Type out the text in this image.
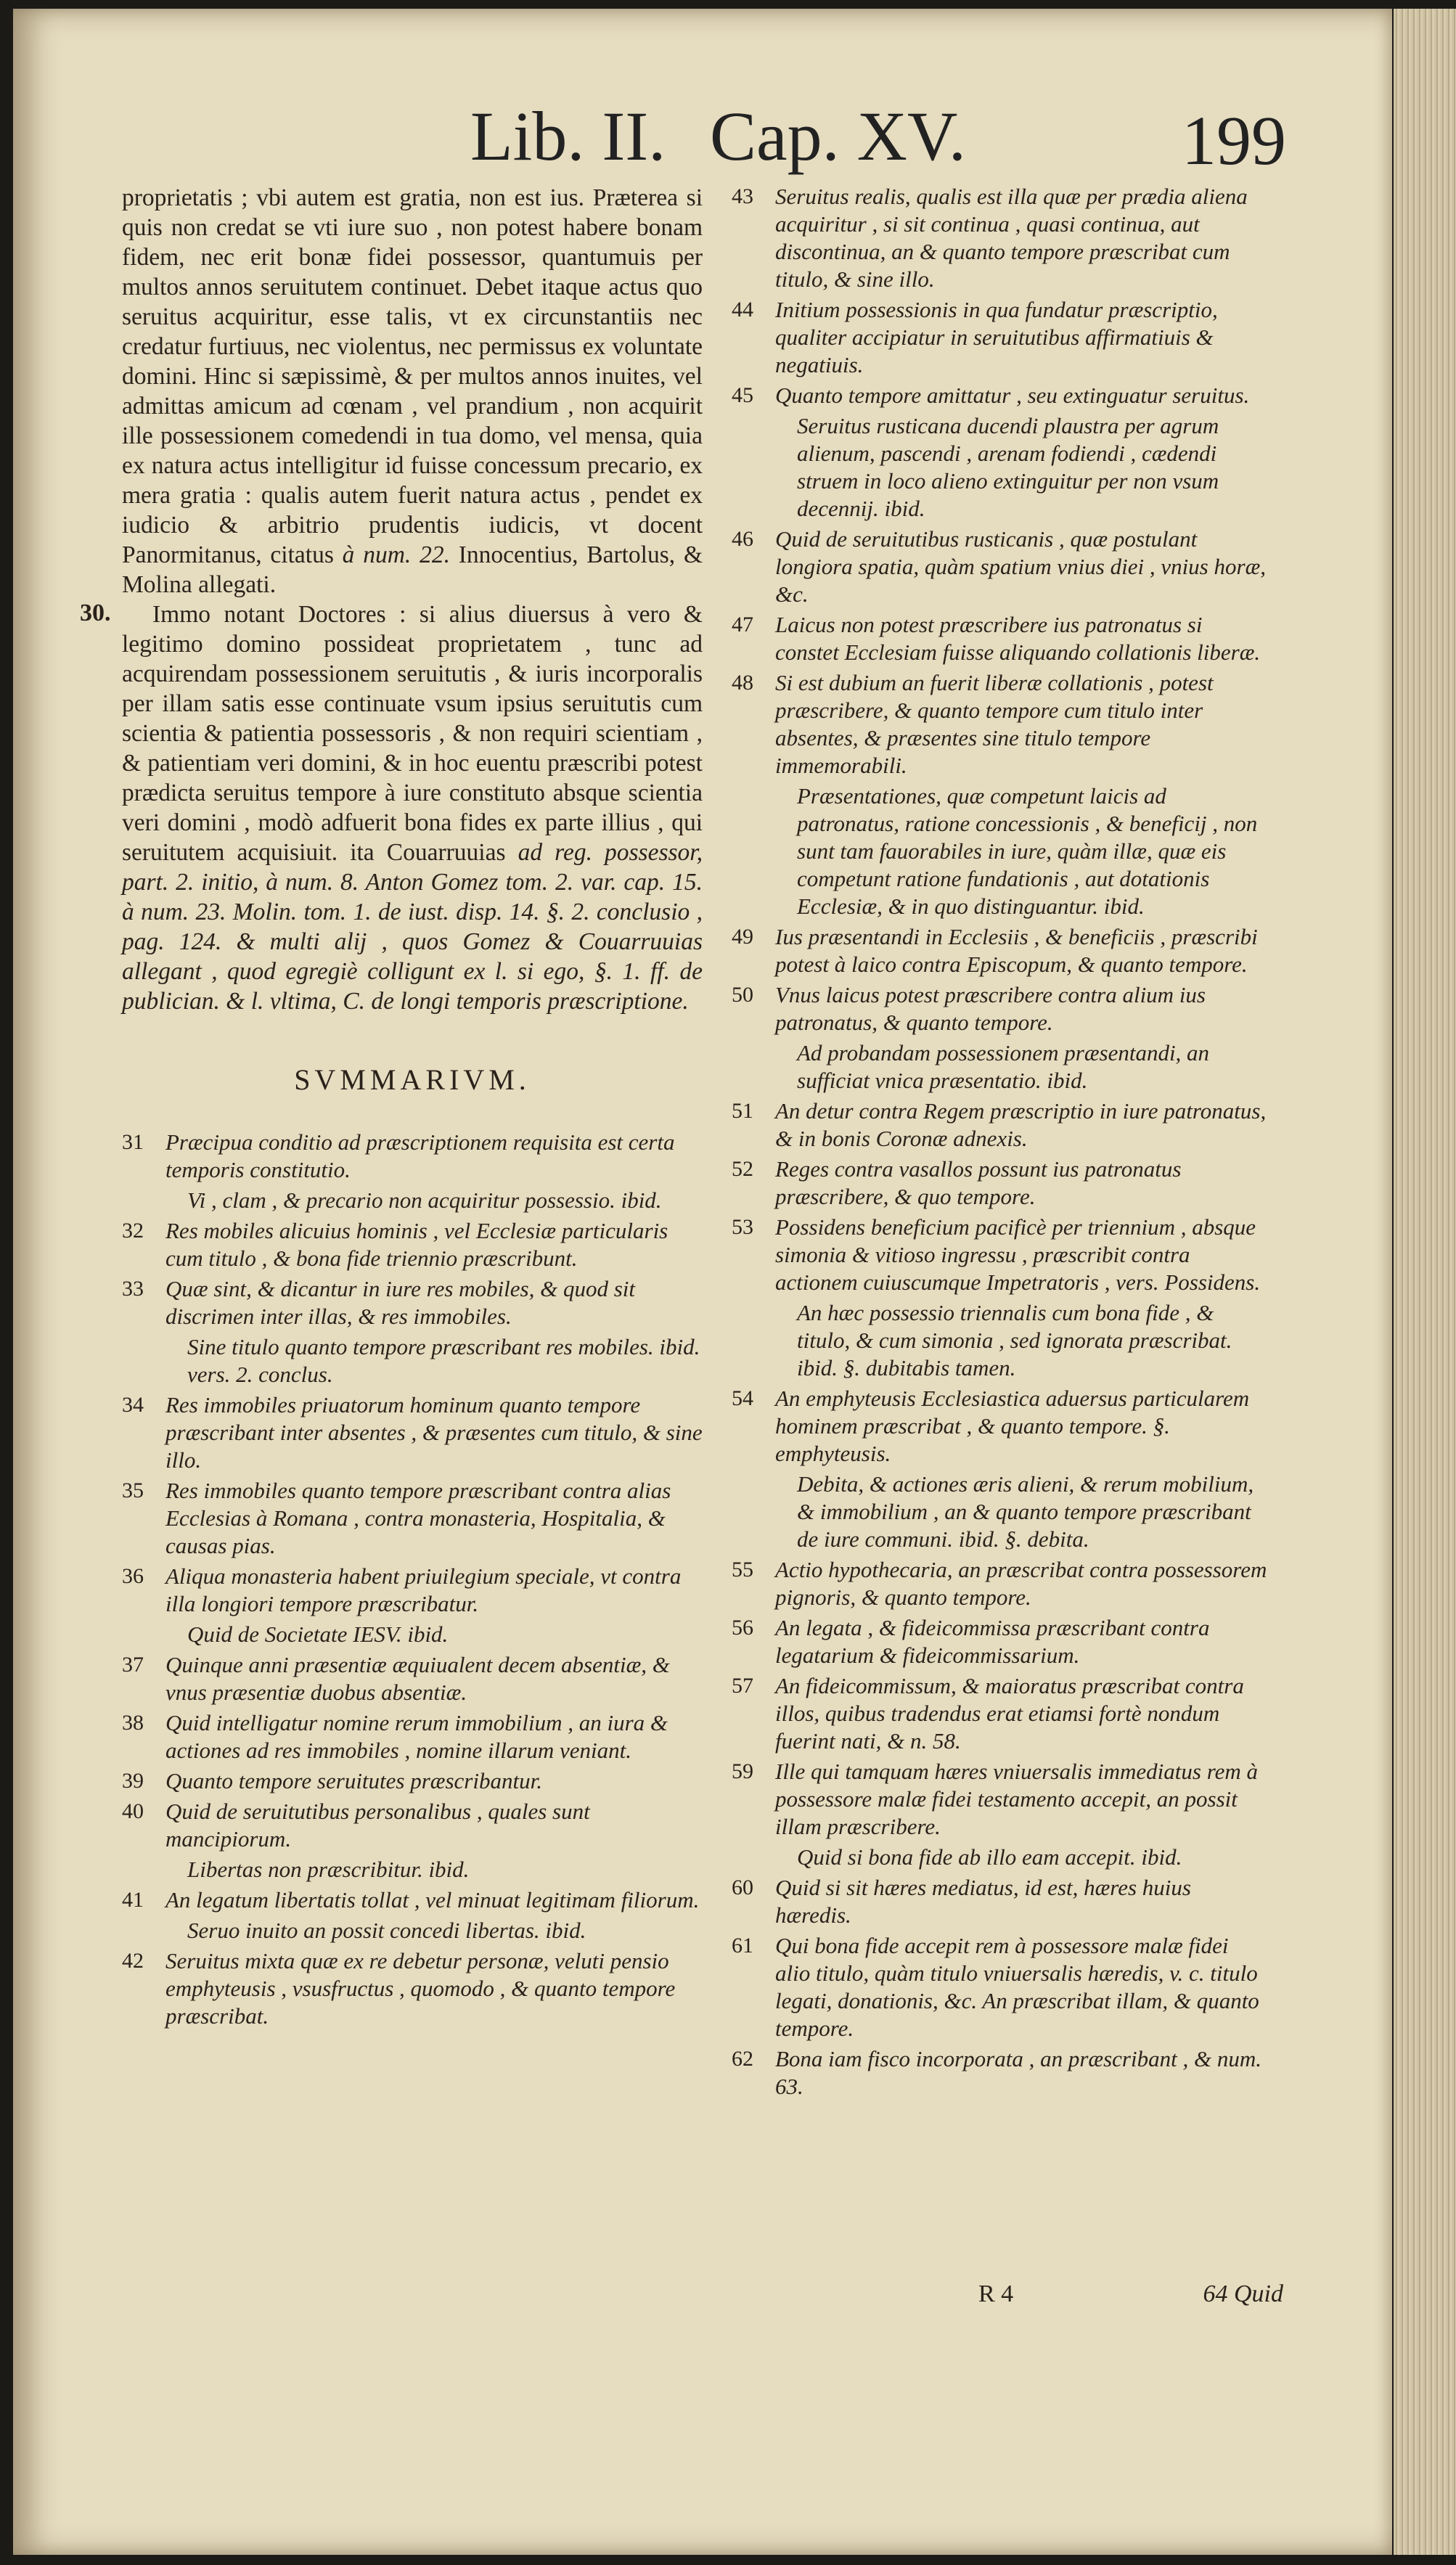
Lib. II. Cap. XV.	199

proprietatis ; vbi autem est gratia, non est ius. Præterea si quis non credat se vti iure suo , non potest habere bonam fidem, nec erit bonæ fidei possessor, quantumuis per multos annos seruitutem continuet. Debet itaque actus quo seruitus acquiritur, esse talis, vt ex circunstantiis nec credatur furtiuus, nec violentus, nec permissus ex voluntate domini. Hinc si sæpissimè, & per multos annos inuites, vel admittas amicum ad cœnam , vel prandium , non acquirit ille possessionem comedendi in tua domo, vel mensa, quia ex natura actus intelligitur id fuisse concessum precario, ex mera gratia : qualis autem fuerit natura actus , pendet ex iudicio & arbitrio prudentis iudicis, vt docent Panormitanus, citatus à num. 22. Innocentius, Bartolus, & Molina allegati.

30.	Immo notant Doctores : si alius diuersus à vero & legitimo domino possideat proprietatem , tunc ad acquirendam possessionem seruitutis , & iuris incorporalis per illam satis esse continuate vsum ipsius seruitutis cum scientia & patientia possessoris , & non requiri scientiam , & patientiam veri domini, & in hoc euentu præscribi potest prædicta seruitus tempore à iure constituto absque scientia veri domini , modò adfuerit bona fides ex parte illius , qui seruitutem acquisiuit. ita Couarruuias ad reg. possessor, part. 2. initio, à num. 8. Anton Gomez tom. 2. var. cap. 15. à num. 23. Molin. tom. 1. de iust. disp. 14. §. 2. conclusio , pag. 124. & multi alij , quos Gomez & Couarruuias allegant , quod egregiè colligunt ex l. si ego, §. 1. ff. de publician. & l. vltima, C. de longi temporis præscriptione.

SVMMARIVM.
31 Præcipua conditio ad præscriptionem requisita est certa temporis constitutio.
Vi , clam , & precario non acquiritur possessio. ibid.
32 Res mobiles alicuius hominis , vel Ecclesiæ particularis cum titulo , & bona fide triennio præscribunt.
33 Quæ sint, & dicantur in iure res mobiles, & quod sit discrimen inter illas, & res immobiles.
Sine titulo quanto tempore præscribant res mobiles. ibid. vers. 2. conclus.
34 Res immobiles priuatorum hominum quanto tempore præscribant inter absentes , & præsentes cum titulo, & sine illo.
35 Res immobiles quanto tempore præscribant contra alias Ecclesias à Romana , contra monasteria, Hospitalia, & causas pias.
36 Aliqua monasteria habent priuilegium speciale, vt contra illa longiori tempore præscribatur.
Quid de Societate IESV. ibid.
37 Quinque anni præsentiæ æquiualent decem absentiæ, & vnus præsentiæ duobus absentiæ.
38 Quid intelligatur nomine rerum immobilium , an iura & actiones ad res immobiles , nomine illarum veniant.
39 Quanto tempore seruitutes præscribantur.
40 Quid de seruitutibus personalibus , quales sunt mancipiorum.
Libertas non præscribitur. ibid.
41 An legatum libertatis tollat , vel minuat legitimam filiorum.
Seruo inuito an possit concedi libertas. ibid.
42 Seruitus mixta quæ ex re debetur personæ, veluti pensio emphyteusis , vsusfructus , quomodo , & quanto tempore præscribat.
43 Seruitus realis, qualis est illa quæ per prædia aliena acquiritur , si sit continua , quasi continua, aut discontinua, an & quanto tempore præscribat cum titulo, & sine illo.
44 Initium possessionis in qua fundatur præscriptio, qualiter accipiatur in seruitutibus affirmatiuis & negatiuis.
45 Quanto tempore amittatur , seu extinguatur seruitus.
Seruitus rusticana ducendi plaustra per agrum alienum, pascendi , arenam fodiendi , cædendi struem in loco alieno extinguitur per non vsum decennij. ibid.
46 Quid de seruitutibus rusticanis , quæ postulant longiora spatia, quàm spatium vnius diei , vnius horæ, &c.
47 Laicus non potest præscribere ius patronatus si constet Ecclesiam fuisse aliquando collationis liberæ.
48 Si est dubium an fuerit liberæ collationis , potest præscribere, & quanto tempore cum titulo inter absentes, & præsentes sine titulo tempore immemorabili.
Præsentationes, quæ competunt laicis ad patronatus, ratione concessionis , & beneficij , non sunt tam fauorabiles in iure, quàm illæ, quæ eis competunt ratione fundationis , aut dotationis Ecclesiæ, & in quo distinguantur. ibid.
49 Ius præsentandi in Ecclesiis , & beneficiis , præscribi potest à laico contra Episcopum, & quanto tempore.
50 Vnus laicus potest præscribere contra alium ius patronatus, & quanto tempore.
Ad probandam possessionem præsentandi, an sufficiat vnica præsentatio. ibid.
51 An detur contra Regem præscriptio in iure patronatus, & in bonis Coronæ adnexis.
52 Reges contra vasallos possunt ius patronatus præscribere, & quo tempore.
53 Possidens beneficium pacificè per triennium , absque simonia & vitioso ingressu , præscribit contra actionem cuiuscumque Impetratoris , vers. Possidens.
An hæc possessio triennalis cum bona fide , & titulo, & cum simonia , sed ignorata præscribat. ibid. §. dubitabis tamen.
54 An emphyteusis Ecclesiastica aduersus particularem hominem præscribat , & quanto tempore. §. emphyteusis.
Debita, & actiones æris alieni, & rerum mobilium, & immobilium , an & quanto tempore præscribant de iure communi. ibid. §. debita.
55 Actio hypothecaria, an præscribat contra possessorem pignoris, & quanto tempore.
56 An legata , & fideicommissa præscribant contra legatarium & fideicommissarium.
57 An fideicommissum, & maioratus præscribat contra illos, quibus tradendus erat etiamsi fortè nondum fuerint nati, & n. 58.
59 Ille qui tamquam hæres vniuersalis immediatus rem à possessore malæ fidei testamento accepit, an possit illam præscribere.
Quid si bona fide ab illo eam accepit. ibid.
60 Quid si sit hæres mediatus, id est, hæres huius hæredis.
61 Qui bona fide accepit rem à possessore malæ fidei alio titulo, quàm titulo vniuersalis hæredis, v. c. titulo legati, donationis, &c. An præscribat illam, & quanto tempore.
62 Bona iam fisco incorporata , an præscribant , & num. 63.
R 4	64 Quid
